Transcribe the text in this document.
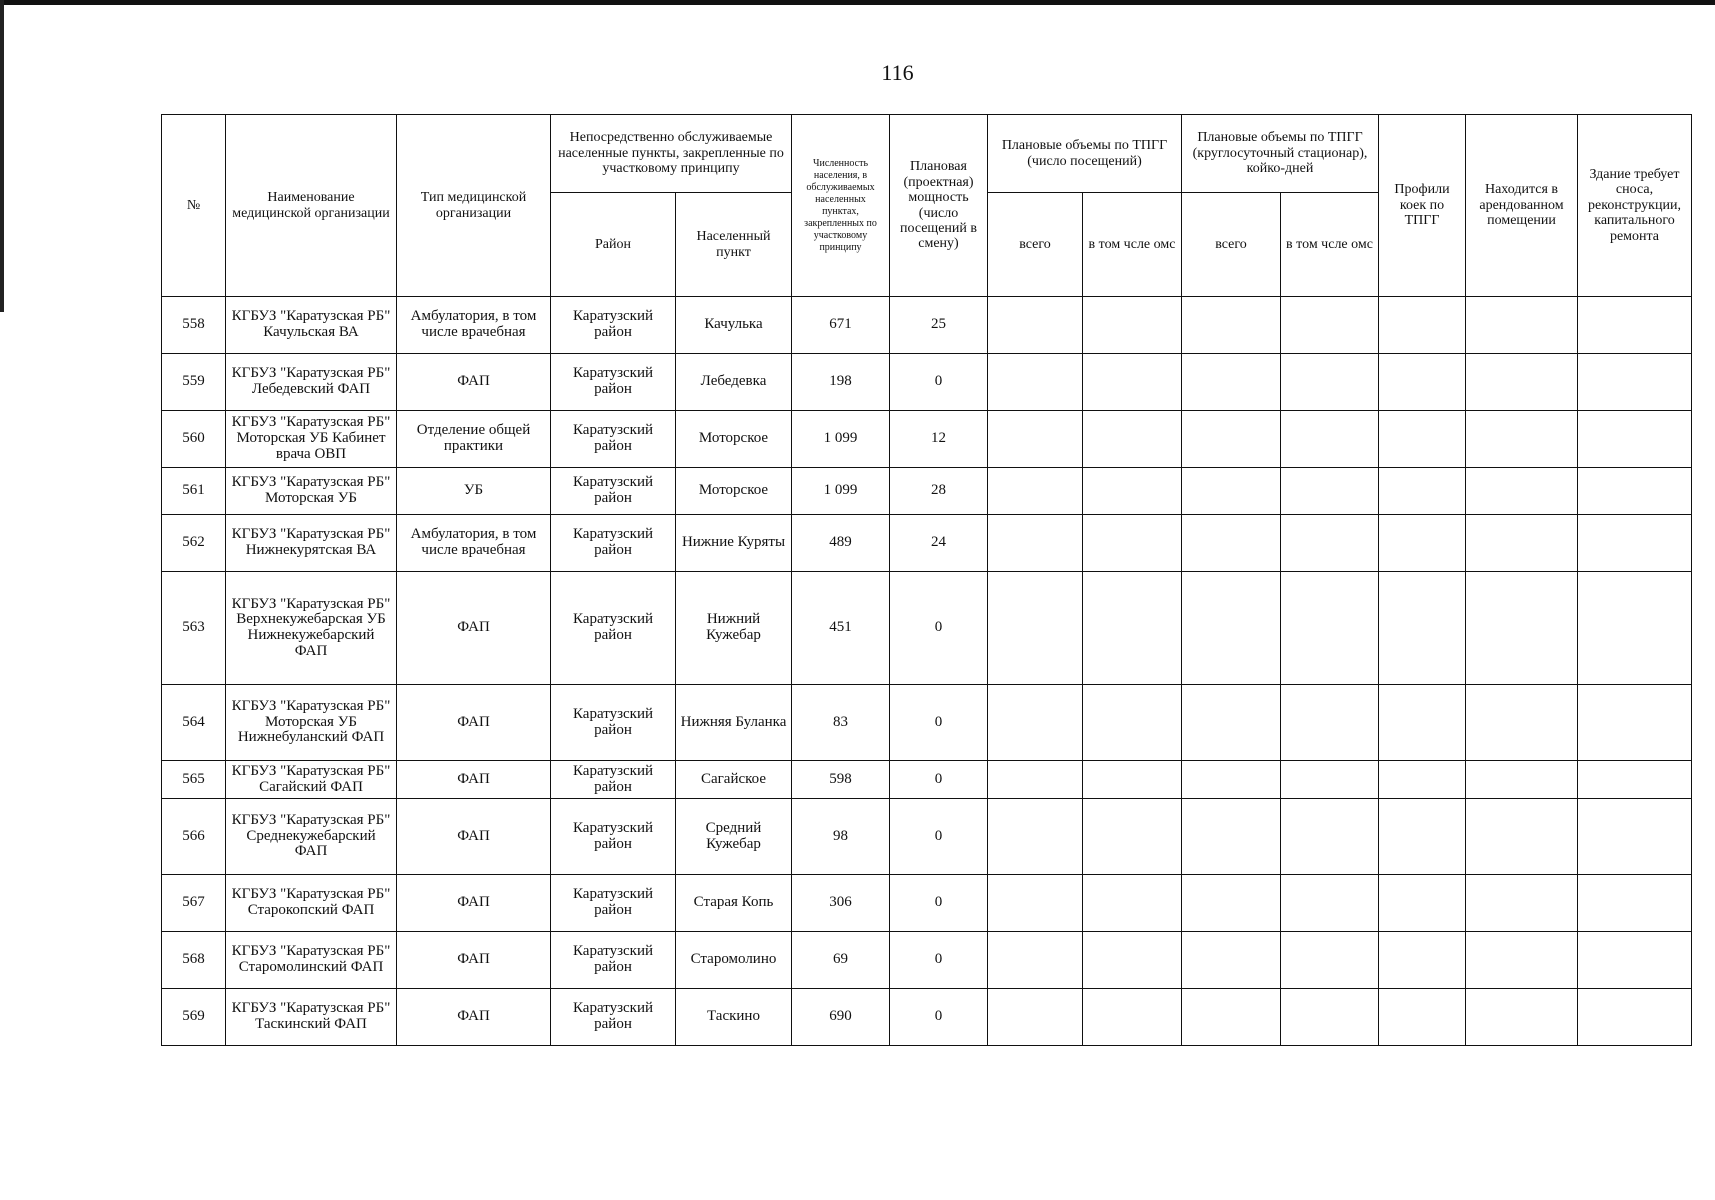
116
№	Наименование медицинской организации	Тип медицинской организации	Непосредственно обслуживаемые населенные пункты, закрепленные по участковому принципу		Численность населения, в обслуживаемых населенных пунктах, закрепленных по участковому принципу	Плановая (проектная) мощность (число посещений в смену)	Плановые объемы по ТПГГ (число посещений)		Плановые объемы по ТПГГ (круглосуточный стационар), койко-дней		Профили коек по ТПГГ	Находится в арендованном помещении	Здание требует сноса, реконструкции, капитального ремонта
			Район	Населенный пункт			всего	в том чсле омс	всего	в том чсле омс			
558	КГБУЗ "Каратузская РБ" Качульская ВА	Амбулатория, в том числе врачебная	Каратузский район	Качулька	671	25							
559	КГБУЗ "Каратузская РБ" Лебедевский ФАП	ФАП	Каратузский район	Лебедевка	198	0							
560	КГБУЗ "Каратузская РБ" Моторская УБ Кабинет врача ОВП	Отделение общей практики	Каратузский район	Моторское	1 099	12							
561	КГБУЗ "Каратузская РБ" Моторская УБ	УБ	Каратузский район	Моторское	1 099	28							
562	КГБУЗ "Каратузская РБ" Нижнекурятская ВА	Амбулатория, в том числе врачебная	Каратузский район	Нижние Куряты	489	24							
563	КГБУЗ "Каратузская РБ" Верхнекужебарская УБ Нижнекужебарский ФАП	ФАП	Каратузский район	Нижний Кужебар	451	0							
564	КГБУЗ "Каратузская РБ" Моторская УБ Нижнебуланский ФАП	ФАП	Каратузский район	Нижняя Буланка	83	0							
565	КГБУЗ "Каратузская РБ" Сагайский ФАП	ФАП	Каратузский район	Сагайское	598	0							
566	КГБУЗ "Каратузская РБ" Среднекужебарский ФАП	ФАП	Каратузский район	Средний Кужебар	98	0							
567	КГБУЗ "Каратузская РБ" Старокопский ФАП	ФАП	Каратузский район	Старая Копь	306	0							
568	КГБУЗ "Каратузская РБ" Старомолинский ФАП	ФАП	Каратузский район	Старомолино	69	0							
569	КГБУЗ "Каратузская РБ" Таскинский ФАП	ФАП	Каратузский район	Таскино	690	0							
